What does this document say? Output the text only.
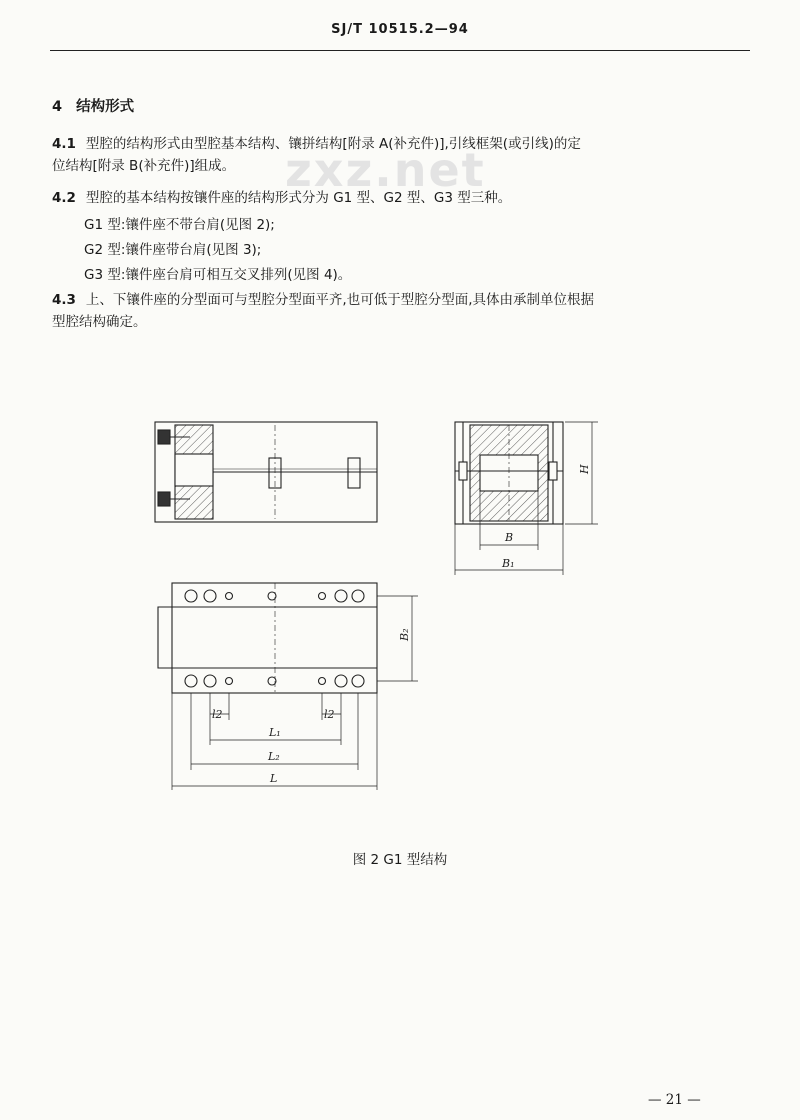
SJ/T 10515.2—94
zxz.net
4 结构形式
4.1 型腔的结构形式由型腔基本结构、镶拼结构[附录 A(补充件)],引线框架(或引线)的定
位结构[附录 B(补充件)]组成。
4.2 型腔的基本结构按镶件座的结构形式分为 G1 型、G2 型、G3 型三种。
G1 型:镶件座不带台肩(见图 2);
G2 型:镶件座带台肩(见图 3);
G3 型:镶件座台肩可相互交叉排列(见图 4)。
4.3 上、下镶件座的分型面可与型腔分型面平齐,也可低于型腔分型面,具体由承制单位根据
型腔结构确定。
H
B
B₁
B₂
l2	l2
L₁
L₂
L
图 2 G1 型结构
— 21 —
